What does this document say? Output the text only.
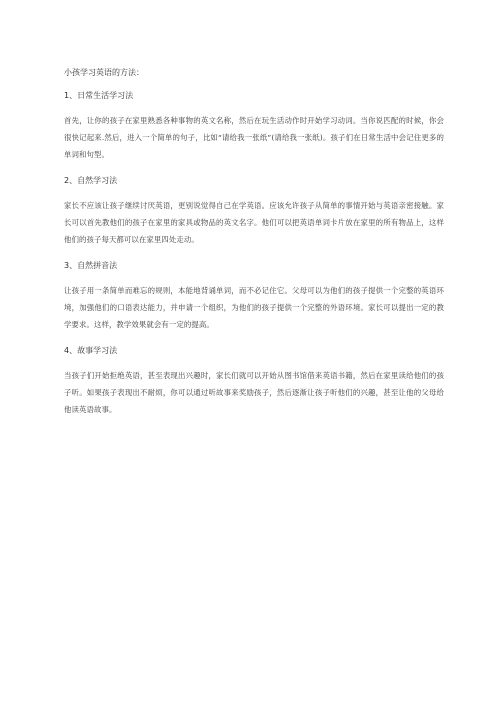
小孩学习英语的方法：
1、日常生活学习法

首先，让你的孩子在家里熟悉各种事物的英文名称，然后在玩生活动作时开始学习动词。当你说匹配的时候，你会很快记起来.然后，进入一个简单的句子，比如“请给我一张纸”(请给我一张纸)。孩子们在日常生活中会记住更多的单词和句型。

2、自然学习法

家长不应该让孩子继续讨厌英语，更别说觉得自己在学英语。应该允许孩子从简单的事情开始与英语亲密接触。家长可以首先教他们的孩子在家里的家具或物品的英文名字。他们可以把英语单词卡片放在家里的所有物品上，这样他们的孩子每天都可以在家里四处走动。

3、自然拼音法

让孩子用一条简单而难忘的规则，本能地背诵单词，而不必记住它。父母可以为他们的孩子提供一个完整的英语环境，加强他们的口语表达能力，并申请一个组织，为他们的孩子提供一个完整的外语环境。家长可以提出一定的教学要求。这样，教学效果就会有一定的提高。

4、故事学习法

当孩子们开始拒绝英语，甚至表现出兴趣时，家长们就可以开始从图书馆借来英语书籍，然后在家里读给他们的孩子听。如果孩子表现出不耐烦，你可以通过听故事来奖励孩子，然后逐渐让孩子听他们的兴趣，甚至让他的父母给他读英语故事。
